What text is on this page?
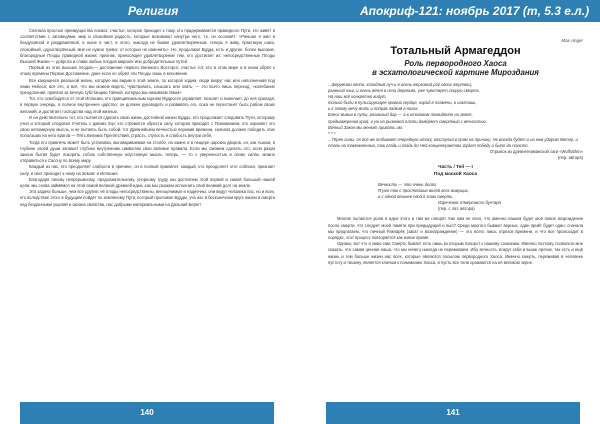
Религия

Сначала простые преимущества локаоз: счастье, которое приходит к тому, кто придерживается праведного Пути, кто живёт в соответствии с заповедями, мир и спокойная радость, которые возникают изнутри него, т.к. он осознаёт: «Раньше я жил в бездуховной и раздражённой, и ныне я чист, и этого, никогда не бывал удовлетворённым, теперь я живу, практикую шаги, спокойный, одухотворённый, мне не нужно тревог, от которых не изменить». Но, продолжал Будда, есть и другие, более высокие, благородные Плоды праведной жизни; признак, приносящее удовлетворение тем, кто достигает их: непосредственные Плоды Высшей Жизни — доброта и слава любых плодов мирских или добродетельных путей.

Первый из этих высших плодов,— достижение первого Великого Восторга; счастье тот, кто в этом мире и в ином обрёл к этому времени Первое Достижение, дане если он обрёл эти Плоды лишь в мгновение.

Все кажущееся реальной жизнь, которую мы видим в этой земле, по которой ходим, люди вокруг нас или наполненная под нами Небеса; всё это, и всё, что мы можем видеть, чувствовать, слышать или знать, — это всего лишь переход, «колебание преодоления, приятия за вечную субстанцию Тайной, которую мы называем Умом».

Тот, кто освободится от этой Иллюзии, кто принципиальным корнем Мудрости управляет, познаёт и пожелает, до неё приходя, в первую очередь, в полное внутреннее царство; он должен руководить и развивать его, пока не перестанет быть рабом своих желаний, и достигает господства над этой жизнью.

И он действительно тот, кто пытается сделать свою жизнь достойной жизни Будды; кто продолжает следовать Пути, которому учил и который следовал Учитель с давних пор; кто стремится обрести силу, которая приходит с Пониманием, кто охраняет это свою непомерную мысль, и не пытаясь быть собой, тот Древнейшею вечностью пережив времени, сначала должен победить этих поползших на него врагов — Пять Великих Препятствий, страсть, глупость и слабость внутри себя.

Тогда его привлечь может быть установка, выговариваемая на столбе, на камне и в пещере царских дворов, он, как Ашока, в глубине своей души запишет глубоко внутренним символом свои великие правила. Если мы сможем сделать это; если разум закона бытия будет покорять собою собственную неустанную мысль теперь, — то с уверенностью в своих силах, можно отправиться к Сассну по всему миру.

Каждый из нас, кто преодолеет слабости в причине, он в полный приемлет, каждый, кто преодолеет этот соблазн, признает силу, и свет приходит к нему на Земли: и Иллюзия.

Благодаря такому непрерывному, продолжительному, упорному труду мы достигнем этой первой и самой большой нашей цели, мы снова займёмся на этой самой великой древней идеи, как мы сможем исполнить свой великий долг на земле.

Эта задача больше, чем все другие; её плоды непосредственны, внеоценимые и наднечны; они ведут человека пас, но и всех, кто вследствие этого в будущем пойдёт по земляному Пути, который проложил Будды, уча нас в бесконечном круге жизни и смерти над бездонными ущелий и океана свойства, нас добрыми материальными на Дальний Берег!

140
Апокриф-121: ноябрь 2017 (m, 5.3 e.л.)

Max Anger

Тотальный Армагеддон

Роль первородного Хаоса
в эсхатологической картине Мироздания

...ферумовы кеппа, холодный луч и в осень жерзовый рог своих жертвоц;

раненый наш, и осень вечно в ночи деревьев, уже чувствует скорую смерть.

На наш всё конкретно кидут,

только были в пульсирующее кровью сердце, народ в пламени, и шалпишь,

и к этому мечу жить и поправ падкий в ногах.

Блеск живых в пути, реальный дар — а в итоговом похвиденно на земле,

преднамерения край, и уж на рыжемой плоти доверяет смертный с вечностью.

Вочный Закон мы менют привать им.

* * *

...Тёрен силы, он всё же отбивает очередную атаку, отступая в прям на причину; Не всегда будет и на нем ударов! Ветер, и сталь на таможненных, так гладь и гладь до Ней концентрантом. Будет победу и бьёт до Наасто.

Отрывок из древнегерманской саги «Wolfrathrn»

(пер. автора)

Часть / Teil — I

Под маской Хаоса

Вечность — это очень долго.

Я уже так-с простейшие волей всех живущих,

и с одной вешнее свой я знаю смерть.

Изречение отмеренного бунтаря

(пер. с лат. автора)

Многие пытаются ушли в идеи этого и там же говорят. Как нам не ясно, что именно нашем будет моё новое возрождение после смерти, что следует моей памяти при предыдущей и пыл? Среди многого бывают верных, один прийт будет один: сначала мы предлагаем, что личный Ракнарёк (закат и вознаграждение) — это всего лишь отрезок времени, и что все происходит в порядке, этот процесс повторяется как новое время.

Однако, вот что я знаю сам; Смерть бывает есть лишь во вторым поворот к нашему сознанию. Именно поэтому, позвольте мне сказать, что самая ценная наша, что мы ничего никогда не переживаем. Ибо вечность, вокруг себя и выше прочих, так есть и ещё жизнь и тем больше жизни нас всех, которые являются посылом первородного Хаоса. Именно смерть, переживая в человеке пустоту и тишину, является ключом к пониманию Хаоса, и пусть все тени сражаются на её великом зерне.

141
